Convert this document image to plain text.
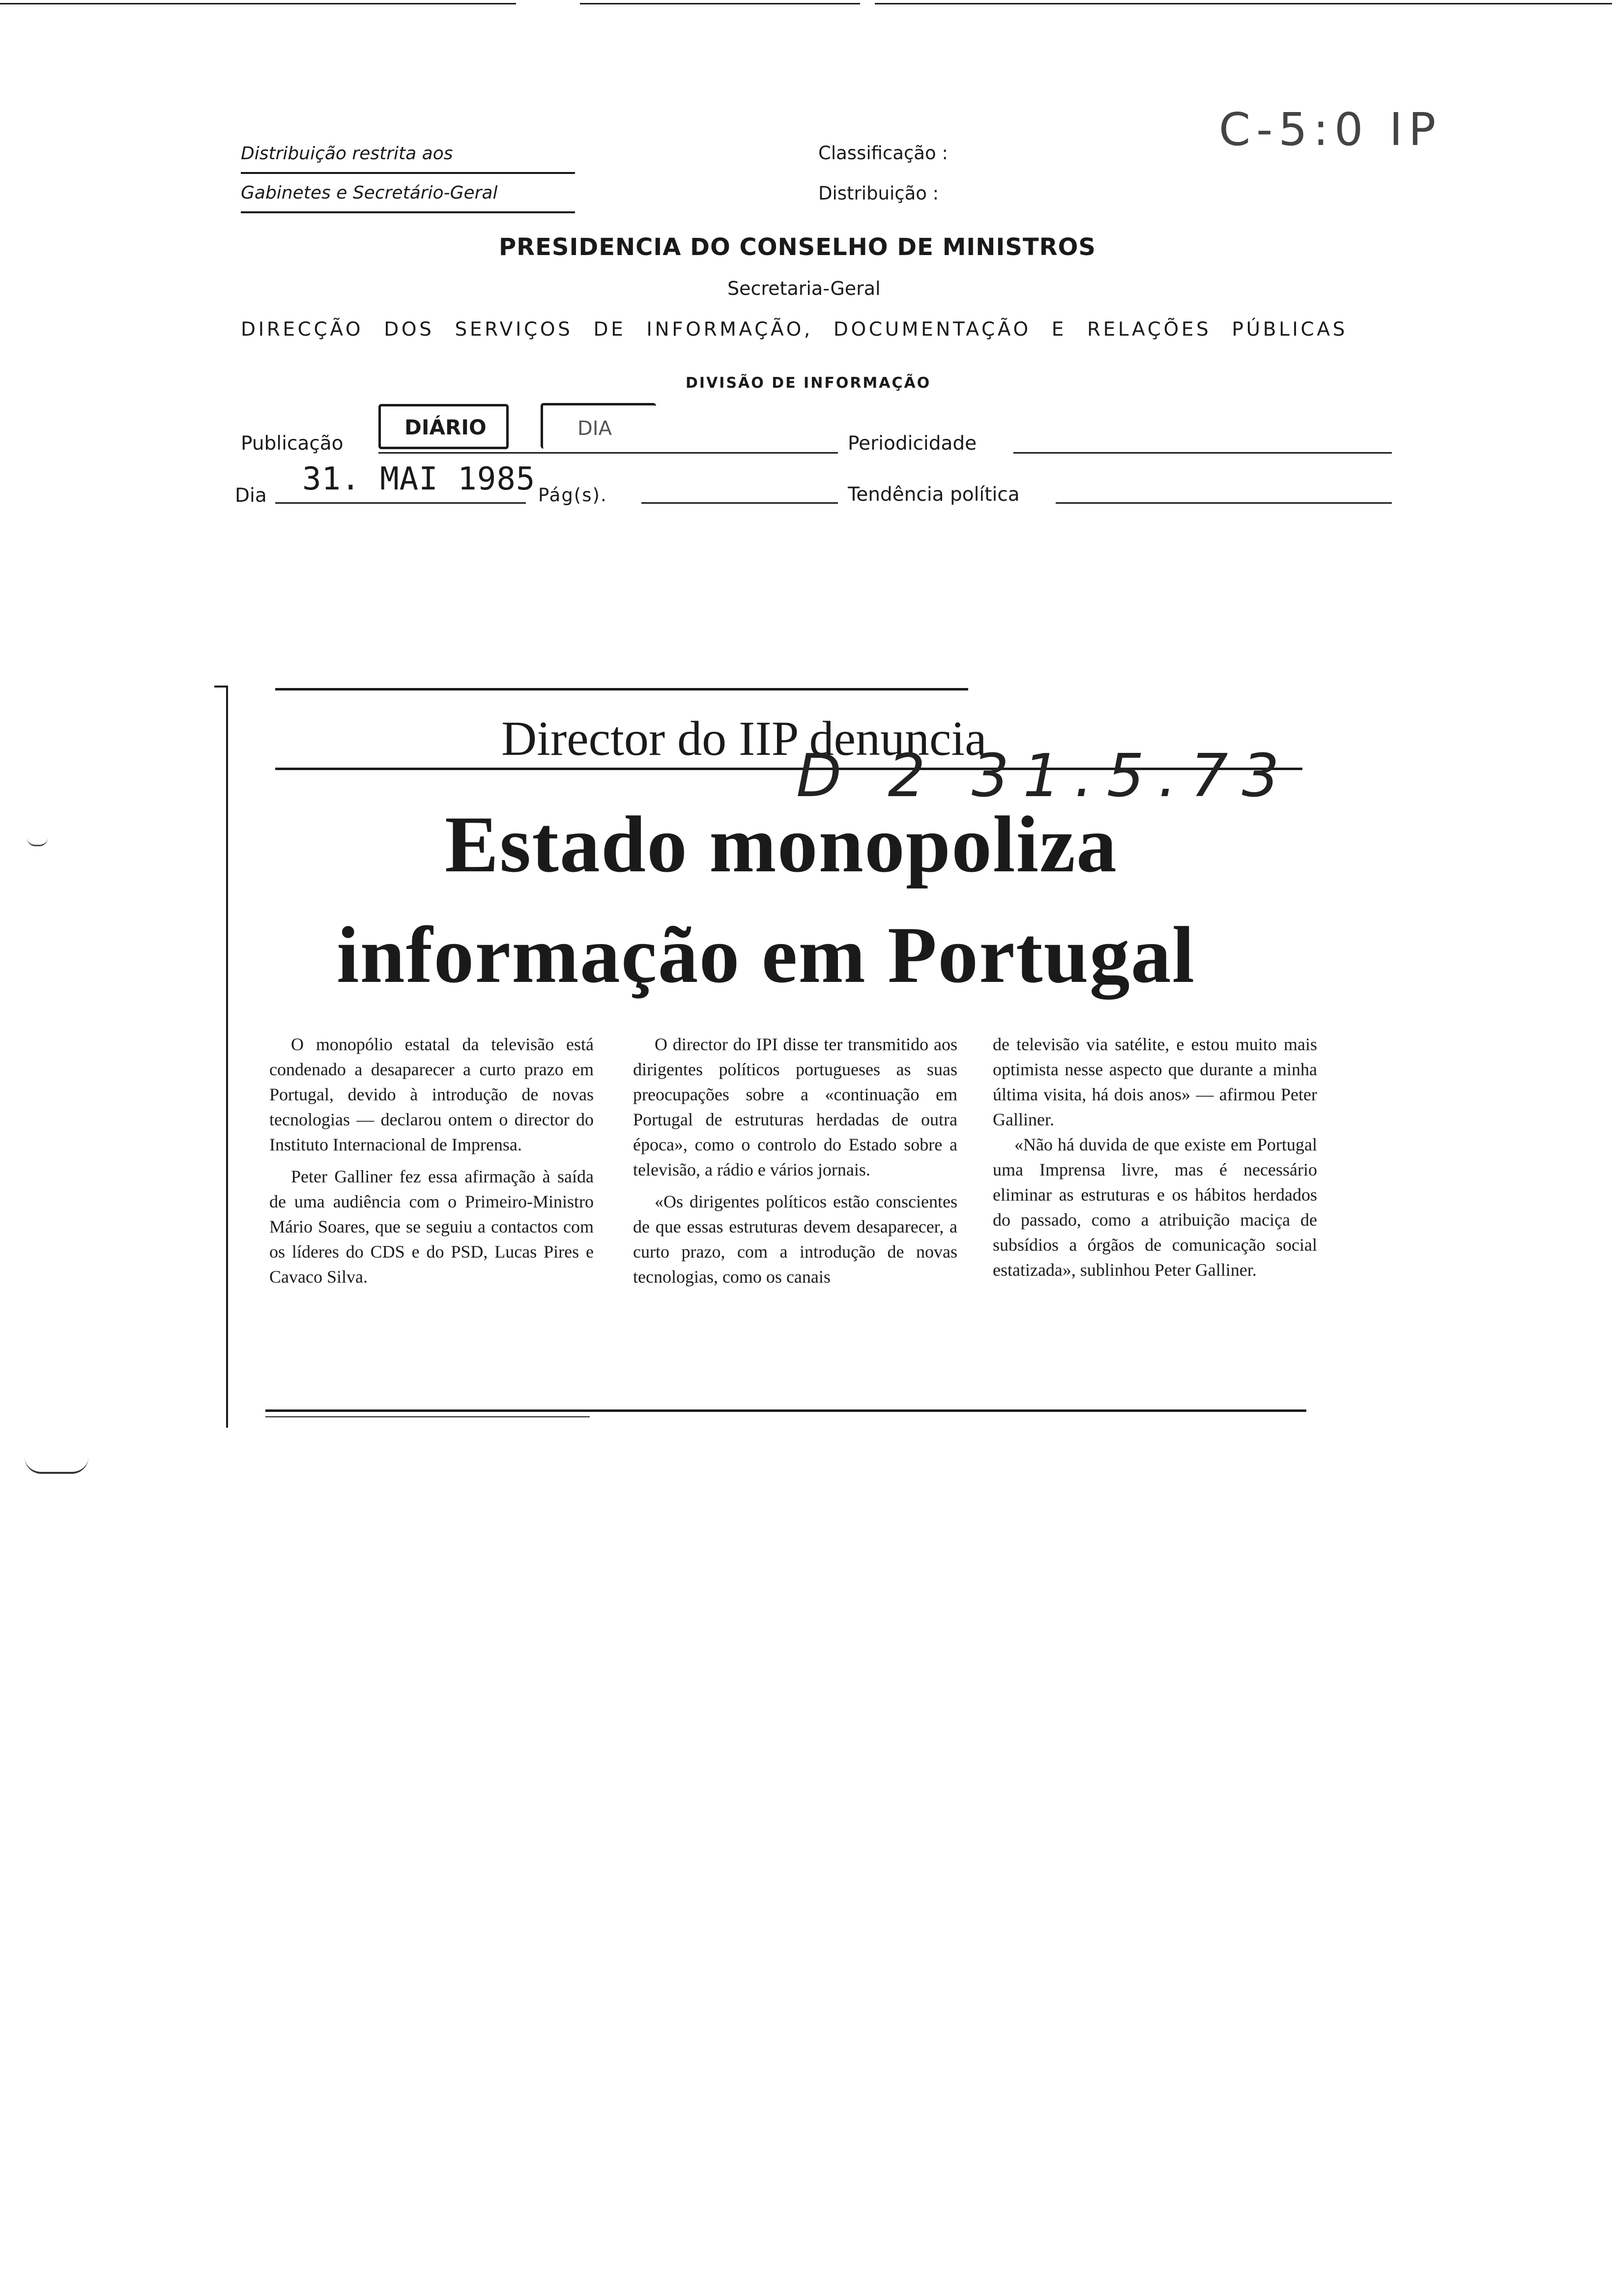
Distribuição restrita aos
Gabinetes e Secretário-Geral
Classificação :
Distribuição :
C-5:0 IP
PRESIDENCIA DO CONSELHO DE MINISTROS
Secretaria-Geral
DIRECÇÃO DOS SERVIÇOS DE INFORMAÇÃO, DOCUMENTAÇÃO E RELAÇÕES PÚBLICAS
DIVISÃO DE INFORMAÇÃO
Publicação
DIÁRIO	DIA
Periodicidade
Dia 31. MAI 1985 Pág(s).	Tendência política
Director do IIP denuncia
D 2 31.5.73
Estado monopoliza
informação em Portugal

O monopólio estatal da televisão está condenado a desaparecer a curto prazo em Portugal, devido à introdução de novas tecnologias — declarou ontem o director do Instituto Internacional de Imprensa.

Peter Galliner fez essa afirmação à saída de uma audiência com o Primeiro-Ministro Mário Soares, que se seguiu a contactos com os líderes do CDS e do PSD, Lucas Pires e Cavaco Silva.

O director do IPI disse ter transmitido aos dirigentes políticos portugueses as suas preocupações sobre a «continuação em Portugal de estruturas herdadas de outra época», como o controlo do Estado sobre a televisão, a rádio e vários jornais.

«Os dirigentes políticos estão conscientes de que essas estruturas devem desaparecer, a curto prazo, com a introdução de novas tecnologias, como os canais

de televisão via satélite, e estou muito mais optimista nesse aspecto que durante a minha última visita, há dois anos» — afirmou Peter Galliner.

«Não há duvida de que existe em Portugal uma Imprensa livre, mas é necessário eliminar as estruturas e os hábitos herdados do passado, como a atribuição maciça de subsídios a órgãos de comunicação social estatizada», sublinhou Peter Galliner.
